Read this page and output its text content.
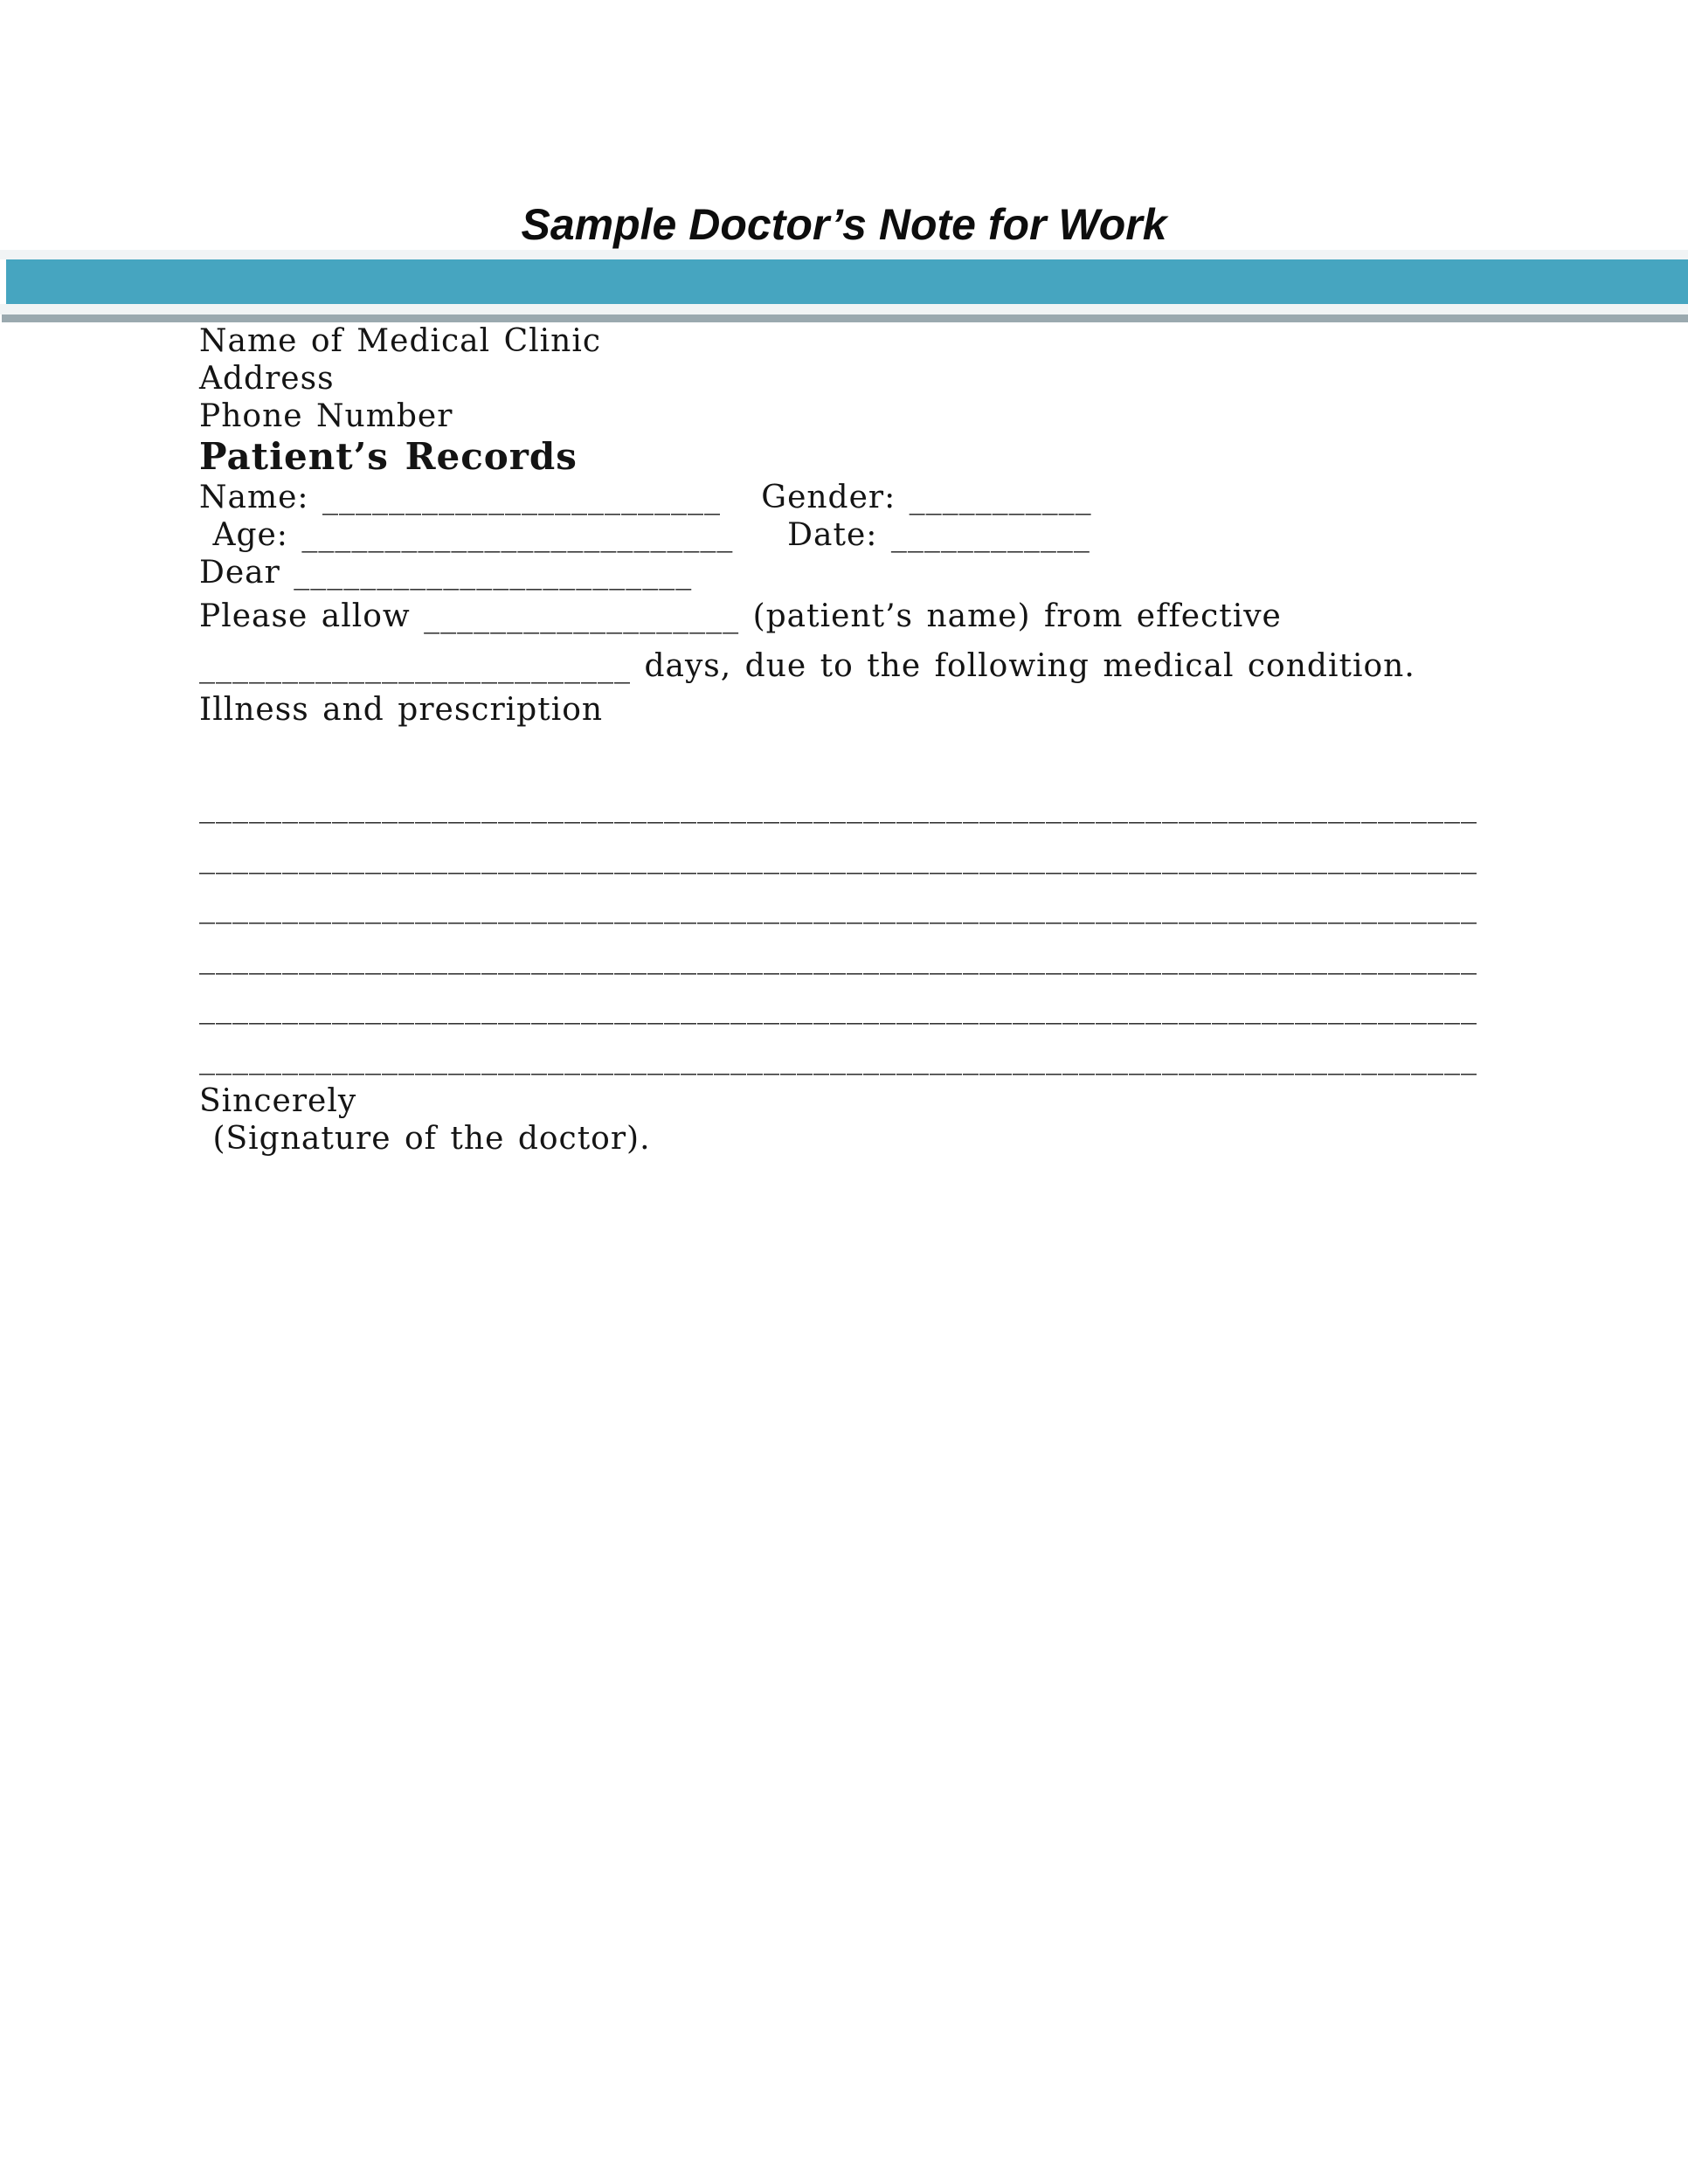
Sample Doctor’s Note for Work

Name of Medical Clinic

Address

Phone Number

Patient’s Records

Name: ________________________   Gender: ___________

Age: __________________________    Date: ____________

Dear ________________________

Please allow ___________________ (patient’s name) from effective
__________________________ days, due to the following medical condition.

Illness and prescription

_____________________________________________________________________________

_____________________________________________________________________________

_____________________________________________________________________________

_____________________________________________________________________________

_____________________________________________________________________________

_____________________________________________________________________________

Sincerely

(Signature of the doctor).
